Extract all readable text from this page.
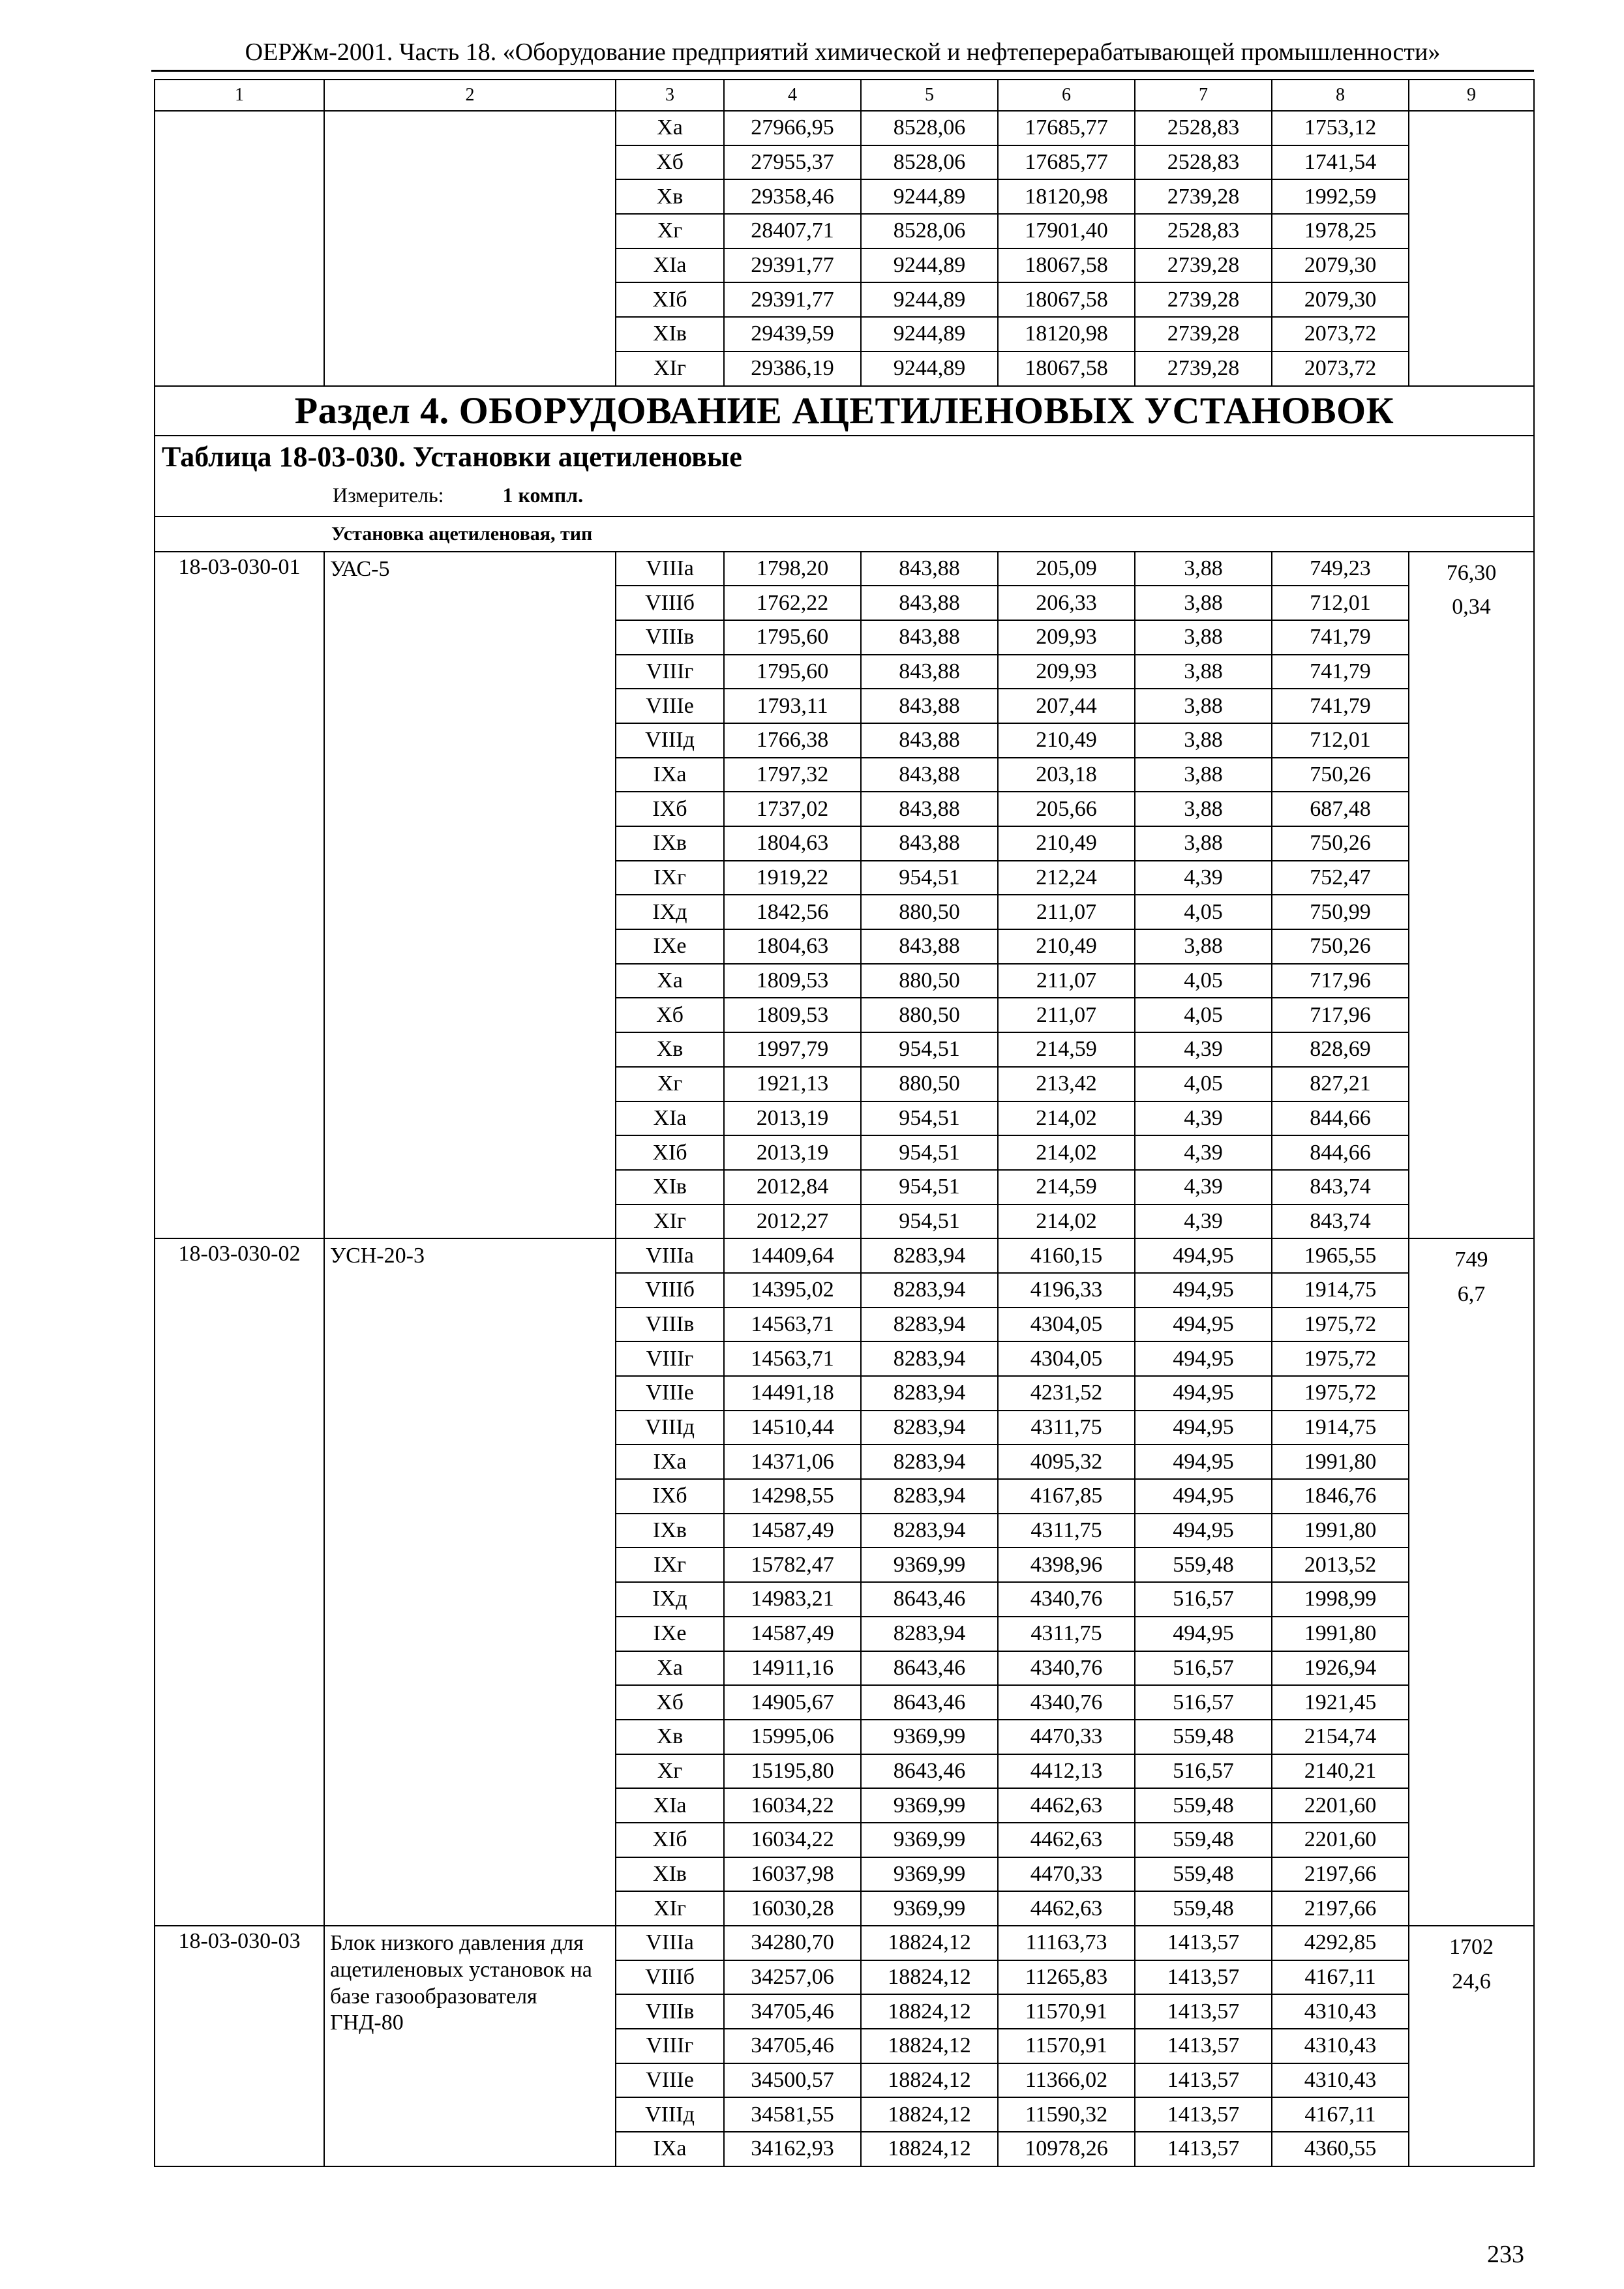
ОЕРЖм-2001. Часть 18. «Оборудование предприятий химической и нефтеперерабатывающей промышленности»
1	2	3	4	5	6	7	8	9
		Xа	27966,95	8528,06	17685,77	2528,83	1753,12	
		Xб	27955,37	8528,06	17685,77	2528,83	1741,54	
		Xв	29358,46	9244,89	18120,98	2739,28	1992,59	
		Xг	28407,71	8528,06	17901,40	2528,83	1978,25	
		XIа	29391,77	9244,89	18067,58	2739,28	2079,30	
		XIб	29391,77	9244,89	18067,58	2739,28	2079,30	
		XIв	29439,59	9244,89	18120,98	2739,28	2073,72	
		XIг	29386,19	9244,89	18067,58	2739,28	2073,72	
Раздел 4. ОБОРУДОВАНИЕ АЦЕТИЛЕНОВЫХ УСТАНОВОК								

Таблица 18-03-030. Установки ацетиленовые
Измеритель: 1 компл.								

Установка ацетиленовая, тип								
18-03-030-01	УАС-5	VIIIа	1798,20	843,88	205,09	3,88	749,23	76,30
0,34

		VIIIб	1762,22	843,88	206,33	3,88	712,01	
		VIIIв	1795,60	843,88	209,93	3,88	741,79	
		VIIIг	1795,60	843,88	209,93	3,88	741,79	
		VIIIе	1793,11	843,88	207,44	3,88	741,79	
		VIIIд	1766,38	843,88	210,49	3,88	712,01	
		IXа	1797,32	843,88	203,18	3,88	750,26	
		IXб	1737,02	843,88	205,66	3,88	687,48	
		IXв	1804,63	843,88	210,49	3,88	750,26	
		IXг	1919,22	954,51	212,24	4,39	752,47	
		IXд	1842,56	880,50	211,07	4,05	750,99	
		IXе	1804,63	843,88	210,49	3,88	750,26	
		Xа	1809,53	880,50	211,07	4,05	717,96	
		Xб	1809,53	880,50	211,07	4,05	717,96	
		Xв	1997,79	954,51	214,59	4,39	828,69	
		Xг	1921,13	880,50	213,42	4,05	827,21	
		XIа	2013,19	954,51	214,02	4,39	844,66	
		XIб	2013,19	954,51	214,02	4,39	844,66	
		XIв	2012,84	954,51	214,59	4,39	843,74	
		XIг	2012,27	954,51	214,02	4,39	843,74	
18-03-030-02	УСН-20-3	VIIIа	14409,64	8283,94	4160,15	494,95	1965,55	749
6,7

		VIIIб	14395,02	8283,94	4196,33	494,95	1914,75	
		VIIIв	14563,71	8283,94	4304,05	494,95	1975,72	
		VIIIг	14563,71	8283,94	4304,05	494,95	1975,72	
		VIIIе	14491,18	8283,94	4231,52	494,95	1975,72	
		VIIIд	14510,44	8283,94	4311,75	494,95	1914,75	
		IXа	14371,06	8283,94	4095,32	494,95	1991,80	
		IXб	14298,55	8283,94	4167,85	494,95	1846,76	
		IXв	14587,49	8283,94	4311,75	494,95	1991,80	
		IXг	15782,47	9369,99	4398,96	559,48	2013,52	
		IXд	14983,21	8643,46	4340,76	516,57	1998,99	
		IXе	14587,49	8283,94	4311,75	494,95	1991,80	
		Xа	14911,16	8643,46	4340,76	516,57	1926,94	
		Xб	14905,67	8643,46	4340,76	516,57	1921,45	
		Xв	15995,06	9369,99	4470,33	559,48	2154,74	
		Xг	15195,80	8643,46	4412,13	516,57	2140,21	
		XIа	16034,22	9369,99	4462,63	559,48	2201,60	
		XIб	16034,22	9369,99	4462,63	559,48	2201,60	
		XIв	16037,98	9369,99	4470,33	559,48	2197,66	
		XIг	16030,28	9369,99	4462,63	559,48	2197,66	
18-03-030-03	Блок низкого давления для ацетиленовых установок на базе газообразователя ГНД-80	VIIIа	34280,70	18824,12	11163,73	1413,57	4292,85	1702
24,6

		VIIIб	34257,06	18824,12	11265,83	1413,57	4167,11	
		VIIIв	34705,46	18824,12	11570,91	1413,57	4310,43	
		VIIIг	34705,46	18824,12	11570,91	1413,57	4310,43	
		VIIIе	34500,57	18824,12	11366,02	1413,57	4310,43	
		VIIIд	34581,55	18824,12	11590,32	1413,57	4167,11	
		IXа	34162,93	18824,12	10978,26	1413,57	4360,55	
233
